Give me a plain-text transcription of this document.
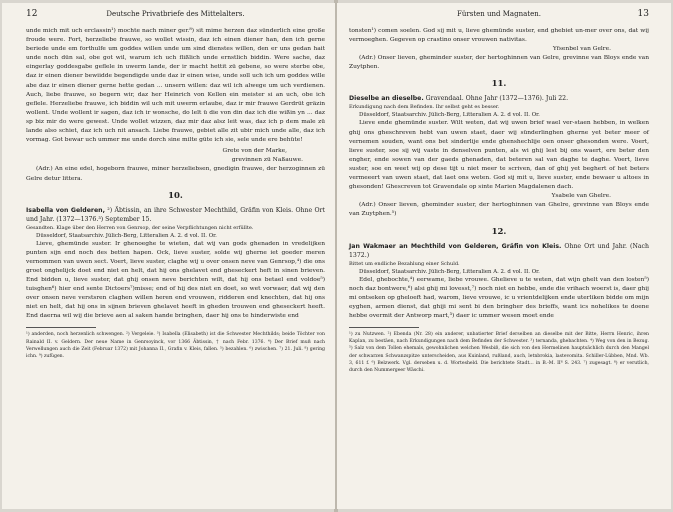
12	Deutsche Privatbriefe des Mittelalters.

unde mich mit uch erclassin¹) mochte nach miner ger.⁸) sit mime herzen daz sünderlich eine große froude were. Fort, herzeliebe frauwe, so wollet wissin, daz ich einen diener han, den ich gerne beriede unde em forthulfe um goddes willen unde um sind dienstes willen, den er uns gedan hait unde noch dün sal, obe got wil, warum ich uch flißlich unde ernstlich biddin. Were sache, daz eingerlay goddesgabe geflele in uwerm lande, der ir macht hettit zü gebene, so were sterbe obe, daz ir einen diener bewiidde begendigde unde daz ir einen wise, unde soll uch ich um goddes wille abe daz ir einen diener gerne hette gedan ... unsern willen: daz wil ich alwege um uch verdienen. Auch, liebe frauwe, so begern wir, daz her Heinrich von Kellen ein meister si an uch, obe ich geflele. Herzeliebe frauwe, ich biddin wil uch mit uwerm erlaube, daz ir mir frauwe Gerdrüt gräzin wollent. Unde wollent ir sagen, daz ich ir wonsche, do lelt ü die von din daz ich die wißin yn ... daz sp biz mir do were gewest. Unde wollet wizzen, daz mir daz alsz leit was, daz ich p dem male zü lande also schiet, daz ich uch nit ansach. Liebe frauwe, gebiet alle zit ubir mich unde alle, daz ich vormag. Got bewar uch ummer me unde dorch sine milte güte ich sie, sele unde ere behüte!

Grete von der Marke,

grevinnen zü Naßauwe.

(Adr.) An eine edel, hogeborn frauwe, miner herzeliebsen, gnedigin frauwe, der herzoginnen zü Gelre detur littera.

10.

Isabella von Gelderen, ²) Äbtissin, an ihre Schwester Mechthild, Gräfin von Kleis. Ohne Ort und Jahr. (1372—1376.³) September 15.

Gesandten. Klage über den Herren von Genrsop, der seine Verpflichtungen nicht erfüllte.

Düsseldorf, Staatsarchiv. Jülich-Berg, Litteralien A. 2. d vol. II. Or.

Lieve, ghemünde suster. Ir ghenoeghe te wieten, dat wij van gods ghenaden in vredelijken punten sijn end noch des betten hapen. Ock, lieve suster, solde wij gherne iet goeder meren vernommen van uwen sect. Voert, lieve suster, claghe wij u over onsen neve van Genrsop,⁴) die ons groet onghelijck doet end niet en helt, dat hij ons ghelavet end gheseckert heft in sinen brieven. End bidden u, lieve suster, dat ghij onsen neve berichten wilt, dat hij ons betael end voldoe⁵) tuisghen⁶) hier end sente Dictoers⁷)misse; end of hij des niet en doet, so wet vorwaer, dat wij den over onsen neve verstsren claghen willen heren end vrouwen, ridderen end knechten, dat hij ons niet en helt, dat hij ons in sijnen brieven ghelavet heeft in gheden trouwen end gheseckert heeft. End daerna wil wij die brieve aen al saken hande bringhen, daer hij ons te hinderwiste end

¹) anderden, noch herzenlich schwengen. ²) Vergeleie. ³) Isabella (Elisabeth) ist die Schwester Mechthilds; beide Töchter von Rainald II. v. Geldern. Der neue Name in Genrsoyinck, vor 1366 Äbtissin, † nach Febr. 1376. ⁴) Der Brief muß nach Verwellungen auch die Zeit (Februar 1372) mit Johanna II., Grafin v. Kleis, fallen. ⁵) bezahlen. ⁶) zwischen. ⁷) 21. Juli. ⁸) gering ichn. ⁹) zufügen.

Fürsten und Magnaten.	13

tonsten¹) comen soelen. God sij mit u, lieve ghemünde suster, end ghebiet un-mer over ons, dat wij vermoeghen. Gegeven op crastino onser vrouwen nativitas.

Yfsenbel van Gelre.

(Adr.) Onser lieven, gheminder suster, der hertoghinnen van Gelre, grevinne van Bloys ende van Zuytphen.

11.

Dieselbe an dieselbe. Gravendaal. Ohne Jahr (1372—1376). Juli 22.

Erkundigung nach dem Befinden. Ihr selbst geht es besser.

Düsseldorf, Staatsarchiv. Jülich-Berg, Litteralien A. 2. d vol. II. Or.

Lieve ende ghemünde suster. Wilt weten, dat wij uwen brief wael ver-staen hebben, in welken ghij ons gheschreven hebt van uwen staet, daer wij sünderlinghen gherne yet beter meer of vernemen souden, want ons bet sinderlije ende ghenshechlije oen onser ghesonden were. Voert, lieve suster, soe sij wij vaste in denselven punten, als wi ghij lest bij ons waert, ere beter den engher, ende sowen van der gaeds ghenaden, dat beteren sal van daghe te daghe. Voert, lieve suster, soe en weet wij op dese tijt u niet meer te scriven, dan of ghij yet beghert of het beters vermeeert van uwen staet, dat laet ons weten. God sij mit u, lieve suster, ende bewaer u altoes in ghesonden! Ghescreven tot Gravendale op sinte Marien Magdalenen dach.

Ysabele van Ghelre.

(Adr.) Onser lieven, gheminder suster, der hertoghinnen van Ghelre, grevinne van Bloys ende van Zuytphen.⁵)

12.

Jan Wakmaer an Mechthild von Gelderen, Gräfin von Kleis. Ohne Ort und Jahr. (Nach 1372.)

Bittet um endliche Bezahlung einer Schuld.

Düsseldorf, Staatsarchiv. Jülich-Berg, Litteralien A. 2. d vol. II. Or.

Edel, ghebochte,⁴) eerwame, liebe vrouwe. Ghelieve u te weten, dat wijn ghelt van den losten⁵) noch daz bontwere,⁶) alsi ghij mi lovesst,⁷) noch niet en hebbe, ende die vrihach woerst is, daer ghij mi ontseken op gheloeft had, warom, lieve vrouwe, ic u vrientdelijken ende uterliken bidde om mijn eyghen, armen dienst, dat ghiji mi sent bi den bringher des brieffs, want ics nohelikes te doene hebbe overmit der Antworp mart,³) daer ic ummer wesen moet ende

¹) zu Nutzwen. ²) Ebenda (Nr. 28) ein anderer, unbatierter Brief derselben an dieselbe mit der Bitte, Herrn Henric, ihren Kaplan, zu bestäen, nach Erkundigungen nach dem Befinden der Schwester. ³) ternanda, ghebachten. ⁴) Weg von den in Bezug. ⁵) Salz von dem Tollen ehemals, gewohnlichen welchen Wesbiß, die sich von den Hermelinen hauptsächlich durch den Mangel der schwarzen Schwanzspitze unterscheiden, aus Kuinland, rußland, auch, letnbrokia, lastevomita. Schiller-Lübben, Mnd. Wb. 3, 611 f. ⁶) Belzwerk. Vgl. derseben u. d. Wortesheld. Die berichtete Stadt... in B.-M. II⁸ S. 243. ⁷) zugesagt. ⁸) er verutlich, durch den Nummergeer Wäschi.
